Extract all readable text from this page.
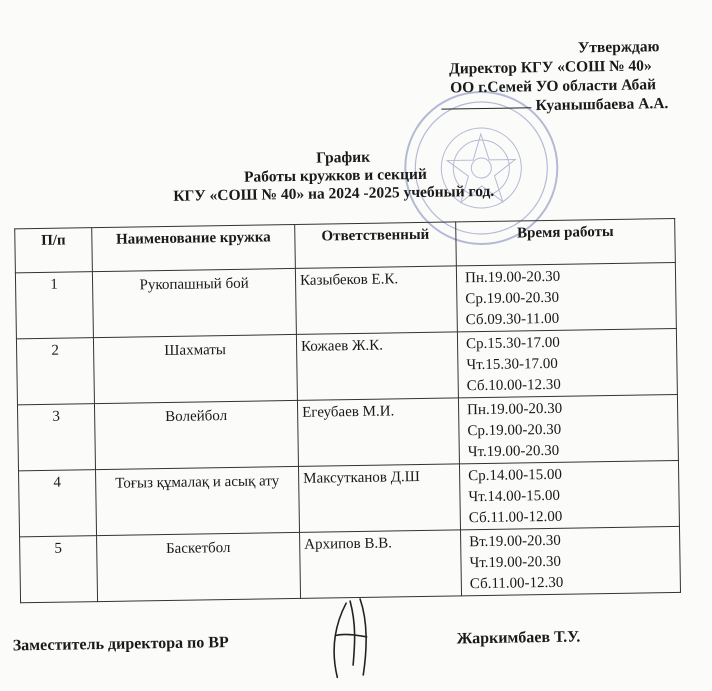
Утверждаю
Директор КГУ «СОШ № 40»
ОО г.Семей УО области Абай
Куанышбаева А.А.
График
Работы кружков и секций
КГУ «СОШ № 40» на 2024 -2025 учебный год.
П/п	Наименование кружка	Ответственный	Время работы
1	Рукопашный бой	Казыбеков Е.К.	Пн.19.00-20.30
Ср.19.00-20.30
Сб.09.30-11.00

2	Шахматы	Кожаев Ж.К.	Ср.15.30-17.00
Чт.15.30-17.00
Сб.10.00-12.30

3	Волейбол	Егеубаев М.И.	Пн.19.00-20.30
Ср.19.00-20.30
Чт.19.00-20.30

4	Тоғыз құмалақ и асық ату	Максутканов Д.Ш	Ср.14.00-15.00
Чт.14.00-15.00
Сб.11.00-12.00

5	Баскетбол	Архипов В.В.	Вт.19.00-20.30
Чт.19.00-20.30
Сб.11.00-12.30
Заместитель директора по ВР	Жаркимбаев Т.У.
